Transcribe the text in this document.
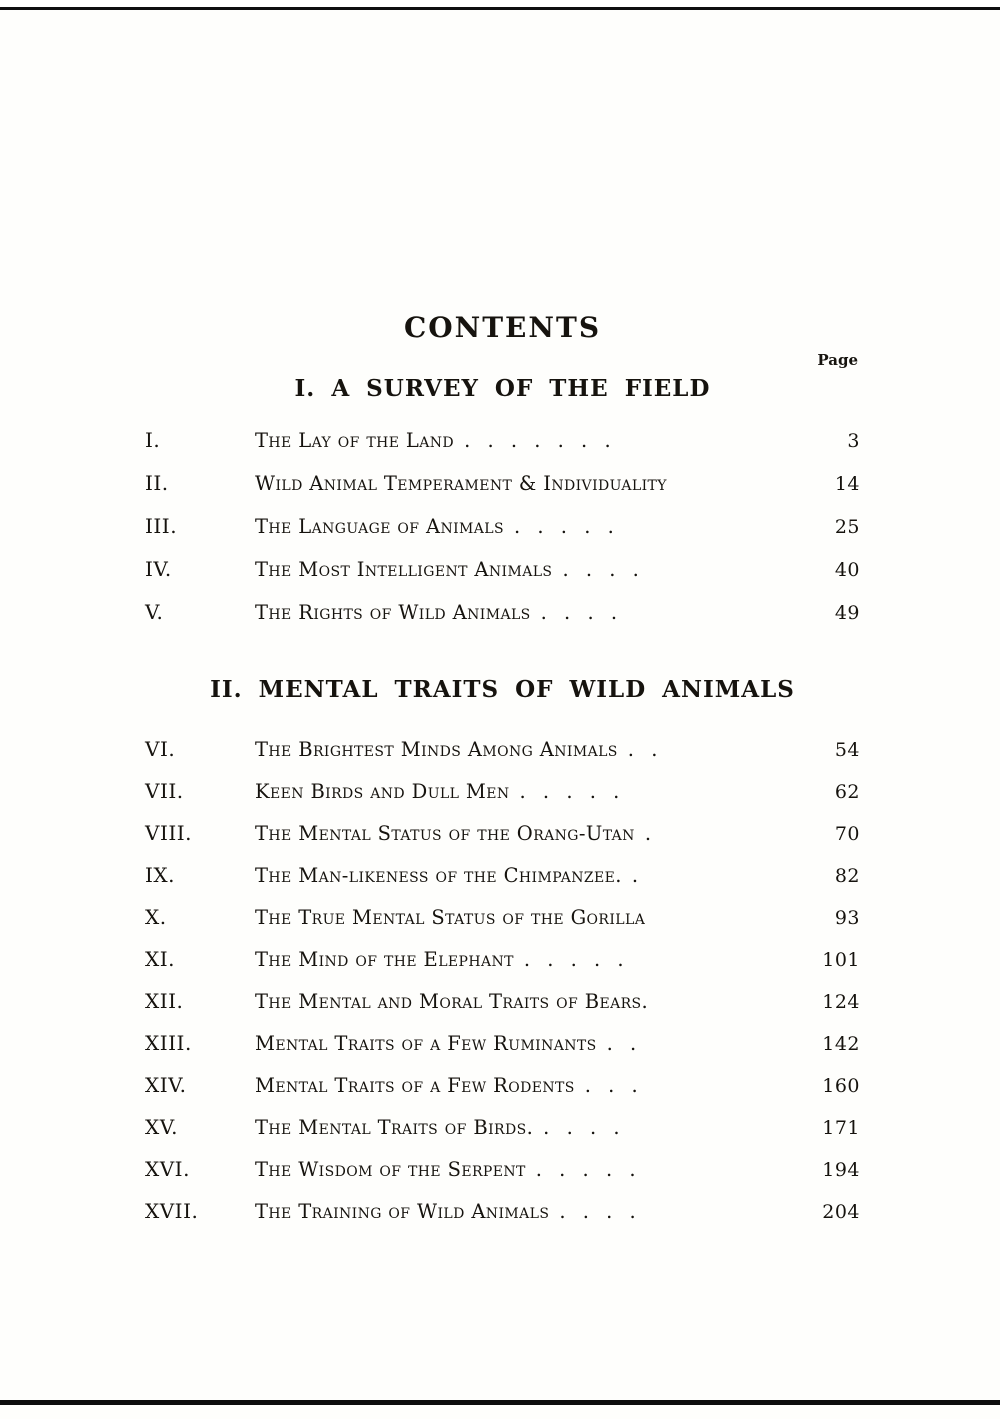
CONTENTS
Page
I. A SURVEY OF THE FIELD
I.	The Lay of the Land . . . . . . .	3
II.	Wild Animal Temperament & Individuality	14
III.	The Language of Animals . . . . .	25
IV.	The Most Intelligent Animals . . . .	40
V.	The Rights of Wild Animals . . . .	49
II. MENTAL TRAITS OF WILD ANIMALS
VI.	The Brightest Minds Among Animals . .	54
VII.	Keen Birds and Dull Men . . . . .	62
VIII.	The Mental Status of the Orang-Utan .	70
IX.	The Man-likeness of the Chimpanzee. .	82
X.	The True Mental Status of the Gorilla	93
XI.	The Mind of the Elephant . . . . .	101
XII.	The Mental and Moral Traits of Bears.	124
XIII.	Mental Traits of a Few Ruminants . .	142
XIV.	Mental Traits of a Few Rodents . . .	160
XV.	The Mental Traits of Birds. . . . .	171
XVI.	The Wisdom of the Serpent . . . . .	194
XVII.	The Training of Wild Animals . . . .	204
